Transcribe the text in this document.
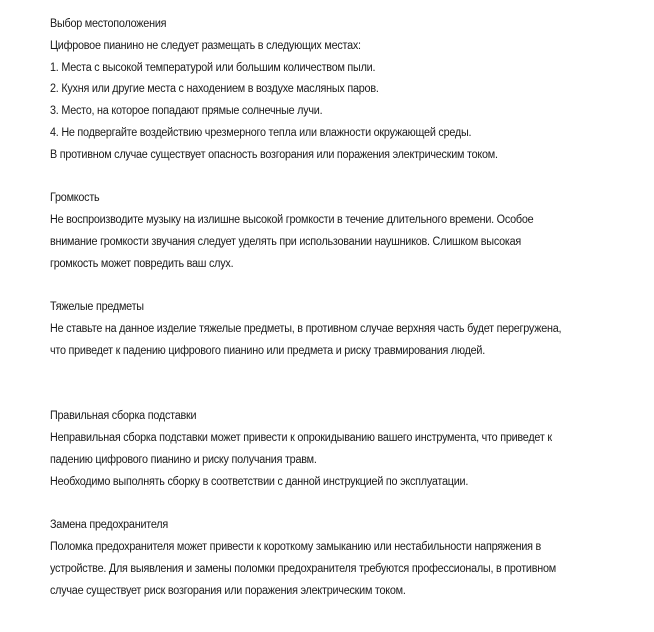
Выбор местоположения

Цифровое пианино не следует размещать в следующих местах:

1. Места с высокой температурой или большим количеством пыли.

2. Кухня или другие места с находением в воздухе масляных паров.

3. Место, на которое попадают прямые солнечные лучи.

4. Не подвергайте воздействию чрезмерного тепла или влажности окружающей среды.

В противном случае существует опасность возгорания или поражения электрическим током.

Громкость

Не воспроизводите музыку на излишне высокой громкости в течение длительного времени. Особое

внимание громкости звучания следует уделять при использовании наушников. Слишком высокая

громкость может повредить ваш слух.

Тяжелые предметы

Не ставьте на данное изделие тяжелые предметы, в противном случае верхняя часть будет перегружена,

что приведет к падению цифрового пианино или предмета и риску травмирования людей.

Правильная сборка подставки

Неправильная сборка подставки может привести к опрокидыванию вашего инструмента, что приведет к

падению цифрового пианино и риску получания травм.

Необходимо выполнять сборку в соответствии с данной инструкцией по эксплуатации.

Замена предохранителя

Поломка предохранителя может привести к короткому замыканию или нестабильности напряжения в

устройстве. Для выявления и замены поломки предохранителя требуются профессионалы, в противном

случае существует риск возгорания или поражения электрическим током.
